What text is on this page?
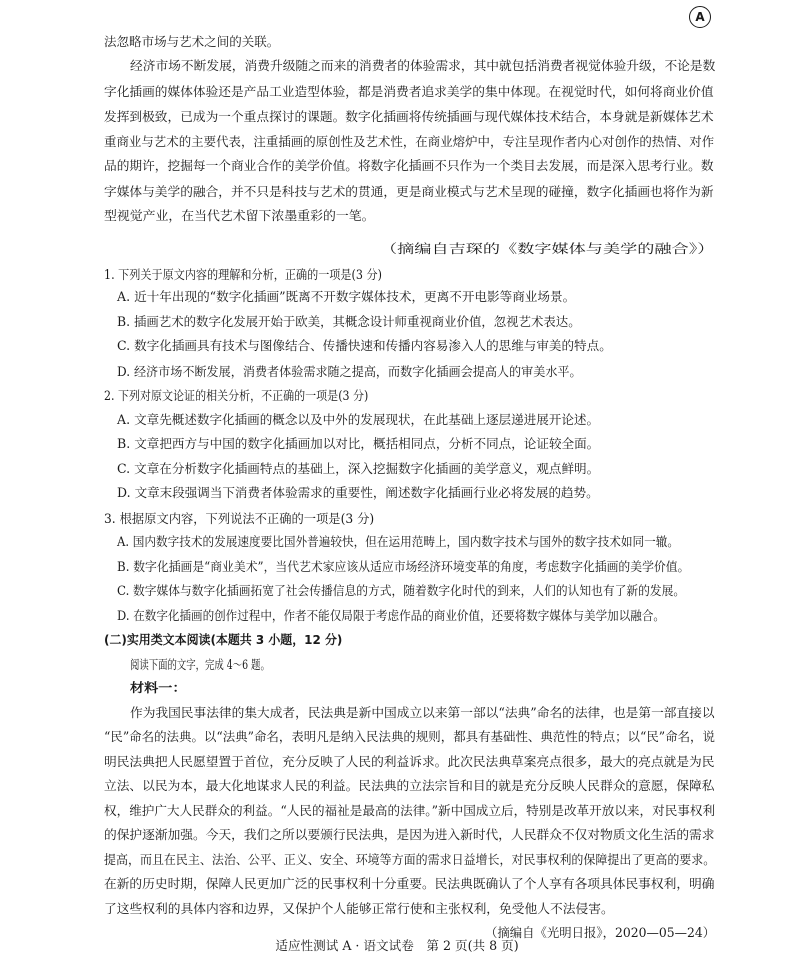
A
法忽略市场与艺术之间的关联。
经济市场不断发展，消费升级随之而来的消费者的体验需求，其中就包括消费者视觉体验升级，不论是数
字化插画的媒体体验还是产品工业造型体验，都是消费者追求美学的集中体现。在视觉时代，如何将商业价值
发挥到极致，已成为一个重点探讨的课题。数字化插画将传统插画与现代媒体技术结合，本身就是新媒体艺术
重商业与艺术的主要代表，注重插画的原创性及艺术性，在商业熔炉中，专注呈现作者内心对创作的热情、对作
品的期许，挖掘每一个商业合作的美学价值。将数字化插画不只作为一个类目去发展，而是深入思考行业。数
字媒体与美学的融合，并不只是科技与艺术的贯通，更是商业模式与艺术呈现的碰撞，数字化插画也将作为新
型视觉产业，在当代艺术留下浓墨重彩的一笔。
（摘编自吉琛的《数字媒体与美学的融合》）
1. 下列关于原文内容的理解和分析，正确的一项是(3 分)
A. 近十年出现的“数字化插画”既离不开数字媒体技术，更离不开电影等商业场景。
B. 插画艺术的数字化发展开始于欧美，其概念设计师重视商业价值，忽视艺术表达。
C. 数字化插画具有技术与图像结合、传播快速和传播内容易渗入人的思维与审美的特点。
D. 经济市场不断发展，消费者体验需求随之提高，而数字化插画会提高人的审美水平。
2. 下列对原文论证的相关分析，不正确的一项是(3 分)
A. 文章先概述数字化插画的概念以及中外的发展现状，在此基础上逐层递进展开论述。
B. 文章把西方与中国的数字化插画加以对比，概括相同点，分析不同点，论证较全面。
C. 文章在分析数字化插画特点的基础上，深入挖掘数字化插画的美学意义，观点鲜明。
D. 文章末段强调当下消费者体验需求的重要性，阐述数字化插画行业必将发展的趋势。
3. 根据原文内容，下列说法不正确的一项是(3 分)
A. 国内数字技术的发展速度要比国外普遍较快，但在运用范畴上，国内数字技术与国外的数字技术如同一辙。
B. 数字化插画是“商业美术”，当代艺术家应该从适应市场经济环境变革的角度，考虑数字化插画的美学价值。
C. 数字媒体与数字化插画拓宽了社会传播信息的方式，随着数字化时代的到来，人们的认知也有了新的发展。
D. 在数字化插画的创作过程中，作者不能仅局限于考虑作品的商业价值，还要将数字媒体与美学加以融合。
(二)实用类文本阅读(本题共 3 小题，12 分)
阅读下面的文字，完成 4～6 题。
材料一：
作为我国民事法律的集大成者，民法典是新中国成立以来第一部以“法典”命名的法律，也是第一部直接以
“民”命名的法典。以“法典”命名，表明凡是纳入民法典的规则，都具有基础性、典范性的特点；以“民”命名，说
明民法典把人民愿望置于首位，充分反映了人民的利益诉求。此次民法典草案亮点很多，最大的亮点就是为民
立法、以民为本，最大化地谋求人民的利益。民法典的立法宗旨和目的就是充分反映人民群众的意愿，保障私
权，维护广大人民群众的利益。“人民的福祉是最高的法律。”新中国成立后，特别是改革开放以来，对民事权利
的保护逐渐加强。今天，我们之所以要颁行民法典，是因为进入新时代，人民群众不仅对物质文化生活的需求
提高，而且在民主、法治、公平、正义、安全、环境等方面的需求日益增长，对民事权利的保障提出了更高的要求。
在新的历史时期，保障人民更加广泛的民事权利十分重要。民法典既确认了个人享有各项具体民事权利，明确
了这些权利的具体内容和边界，又保护个人能够正常行使和主张权利，免受他人不法侵害。
（摘编自《光明日报》，2020—05—24）
适应性测试 A · 语文试卷　第 2 页(共 8 页)
